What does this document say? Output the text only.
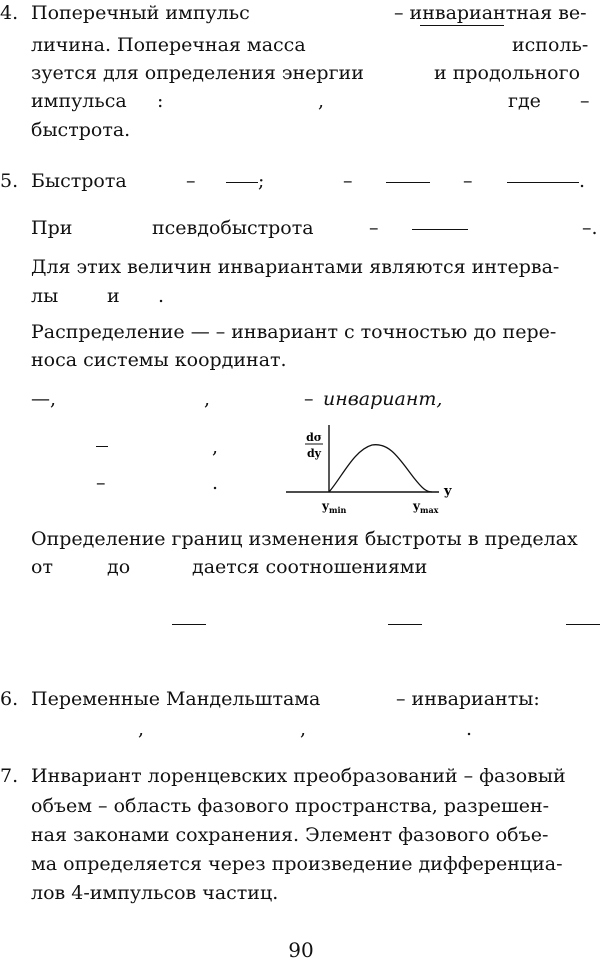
4. Поперечный импульс	– инвариантная ве-
личина. Поперечная масса	исполь-
зуется для определения энергии	и продольного
импульса :	,	где –
быстрота.
5. Быстрота	–	;	–	–	.
При	псевдобыстрота	–	–.
Для этих величин инвариантами являются интерва-
лы	и .
Распределение — – инвариант с точностью до пере-
носа системы координат.
—,	,	– инвариант,
,
–	.
dσ
dy
y
$y_{min}$	$y_{max}$
Определение границ изменения быстроты в пределах
от	до	дается соотношениями
6. Переменные Мандельштама	– инварианты:
,	,	.
7. Инвариант лоренцевских преобразований – фазовый
объем – область фазового пространства, разрешен-
ная законами сохранения. Элемент фазового объе-
ма определяется через произведение дифференциа-
лов 4-импульсов частиц.
90
